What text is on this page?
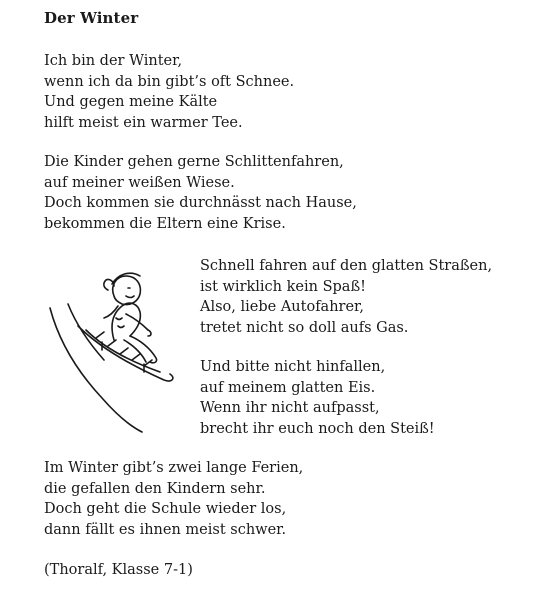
Der Winter

Ich bin der Winter,
wenn ich da bin gibt’s oft Schnee.
Und gegen meine Kälte
hilft meist ein warmer Tee.

Die Kinder gehen gerne Schlittenfahren,
auf meiner weißen Wiese.
Doch kommen sie durchnässt nach Hause,
bekommen die Eltern eine Krise.

Schnell fahren auf den glatten Straßen,
ist wirklich kein Spaß!
Also, liebe Autofahrer,
tretet nicht so doll aufs Gas.

Und bitte nicht hinfallen,
auf meinem glatten Eis.
Wenn ihr nicht aufpasst,
brecht ihr euch noch den Steiß!

Im Winter gibt’s zwei lange Ferien,
die gefallen den Kindern sehr.
Doch geht die Schule wieder los,
dann fällt es ihnen meist schwer.

(Thoralf, Klasse 7-1)
